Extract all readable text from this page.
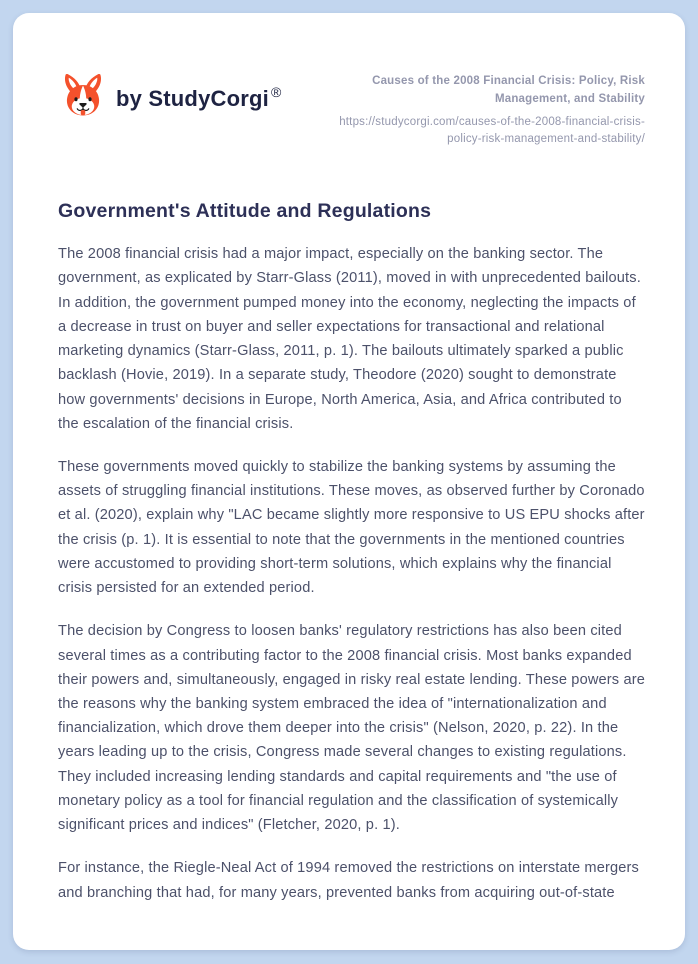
by StudyCorgi ®
Causes of the 2008 Financial Crisis: Policy, Risk Management, and Stability
https://studycorgi.com/causes-of-the-2008-financial-crisis-policy-risk-management-and-stability/
Government's Attitude and Regulations

The 2008 financial crisis had a major impact, especially on the banking sector. The government, as explicated by Starr-Glass (2011), moved in with unprecedented bailouts. In addition, the government pumped money into the economy, neglecting the impacts of a decrease in trust on buyer and seller expectations for transactional and relational marketing dynamics (Starr-Glass, 2011, p. 1). The bailouts ultimately sparked a public backlash (Hovie, 2019). In a separate study, Theodore (2020) sought to demonstrate how governments' decisions in Europe, North America, Asia, and Africa contributed to the escalation of the financial crisis.

These governments moved quickly to stabilize the banking systems by assuming the assets of struggling financial institutions. These moves, as observed further by Coronado et al. (2020), explain why "LAC became slightly more responsive to US EPU shocks after the crisis (p. 1). It is essential to note that the governments in the mentioned countries were accustomed to providing short-term solutions, which explains why the financial crisis persisted for an extended period.

The decision by Congress to loosen banks' regulatory restrictions has also been cited several times as a contributing factor to the 2008 financial crisis. Most banks expanded their powers and, simultaneously, engaged in risky real estate lending. These powers are the reasons why the banking system embraced the idea of "internationalization and financialization, which drove them deeper into the crisis" (Nelson, 2020, p. 22). In the years leading up to the crisis, Congress made several changes to existing regulations. They included increasing lending standards and capital requirements and "the use of monetary policy as a tool for financial regulation and the classification of systemically significant prices and indices" (Fletcher, 2020, p. 1).

For instance, the Riegle-Neal Act of 1994 removed the restrictions on interstate mergers and branching that had, for many years, prevented banks from acquiring out-of-state
